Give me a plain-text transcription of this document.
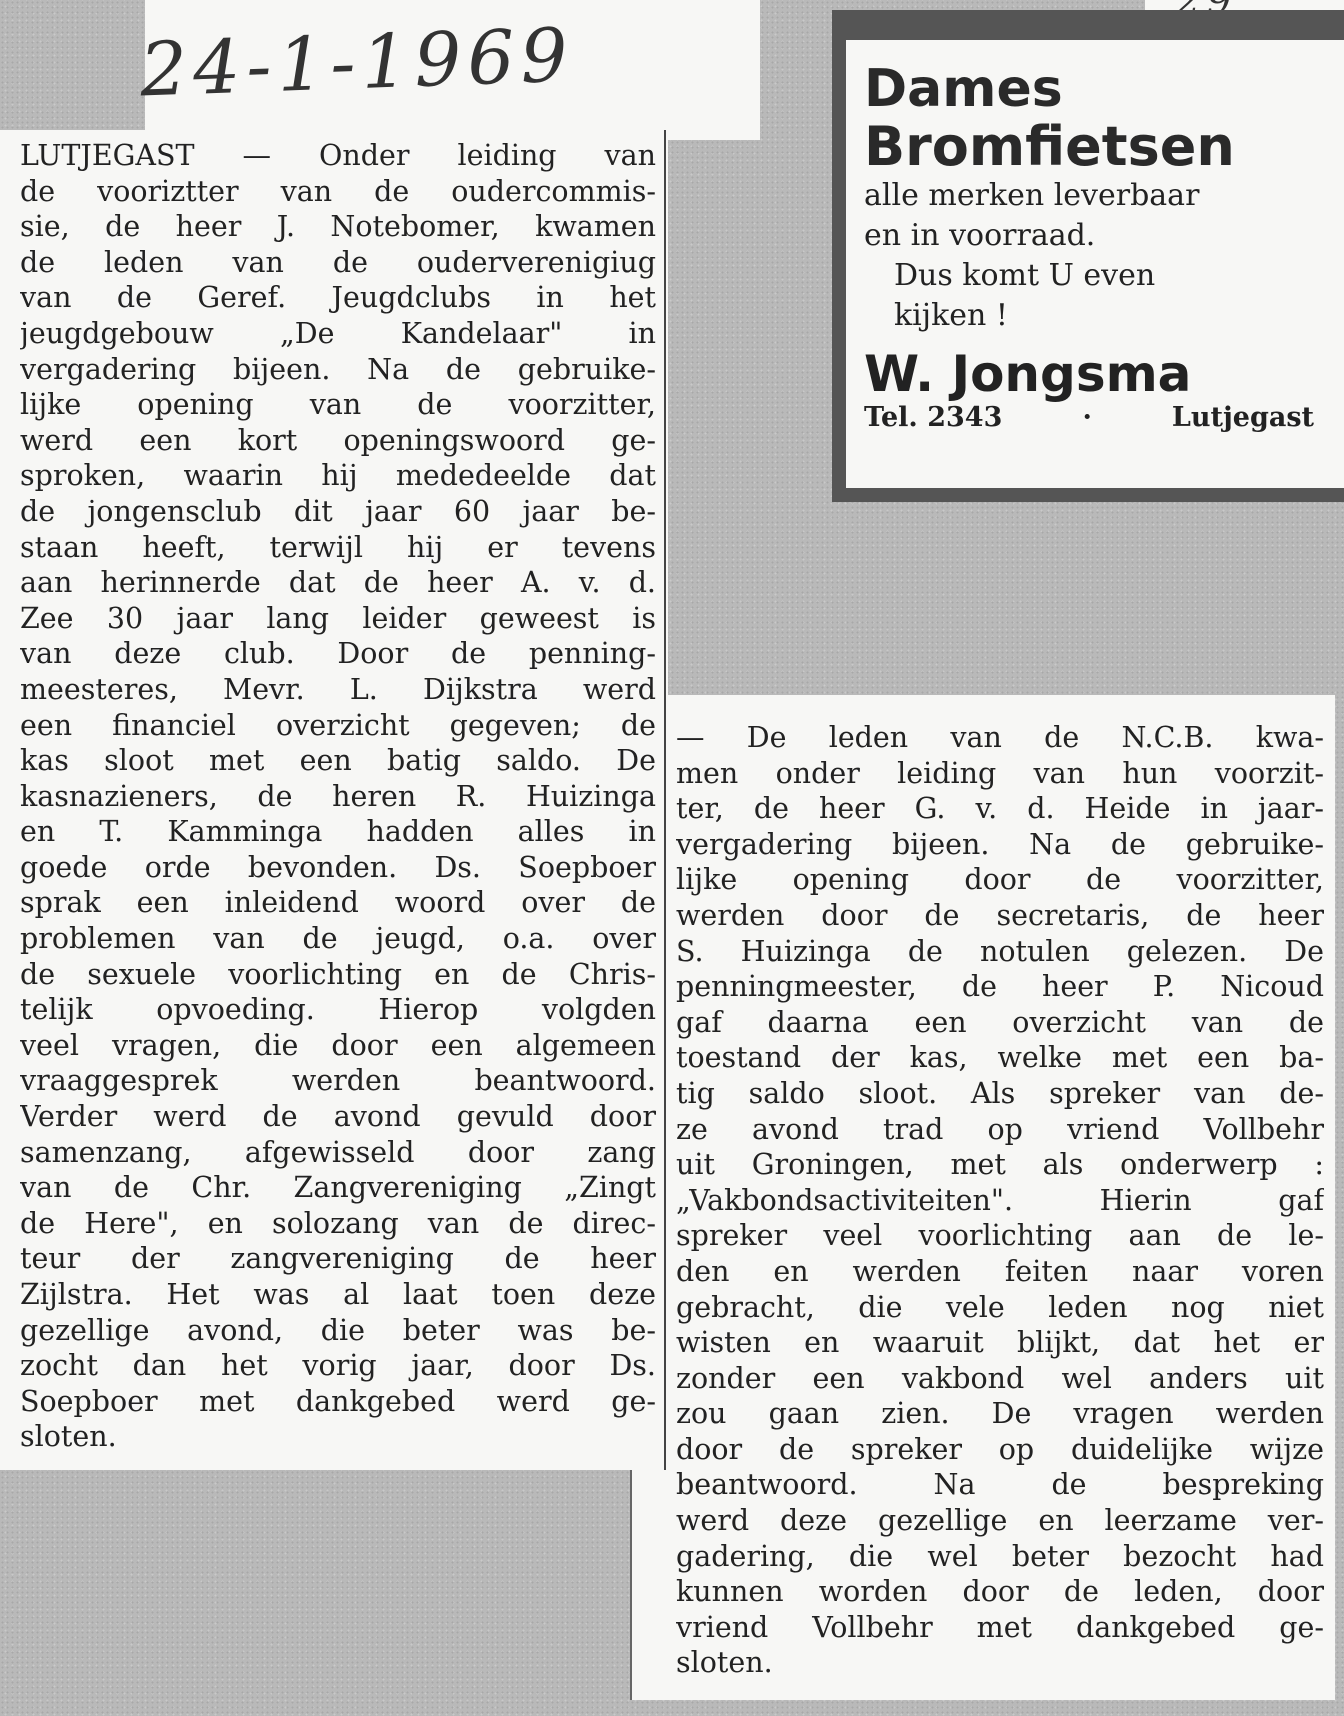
24-1-1969
LUTJEGAST — Onder leiding van
de vooriztter van de oudercommis-
sie, de heer J. Notebomer, kwamen
de leden van de ouderverenigiug
van de Geref. Jeugdclubs in het
jeugdgebouw „De Kandelaar" in
vergadering bijeen. Na de gebruike-
lijke opening van de voorzitter,
werd een kort openingswoord ge-
sproken, waarin hij mededeelde dat
de jongensclub dit jaar 60 jaar be-
staan heeft, terwijl hij er tevens
aan herinnerde dat de heer A. v. d.
Zee 30 jaar lang leider geweest is
van deze club. Door de penning-
meesteres, Mevr. L. Dijkstra werd
een financiel overzicht gegeven; de
kas sloot met een batig saldo. De
kasnazieners, de heren R. Huizinga
en T. Kamminga hadden alles in
goede orde bevonden. Ds. Soepboer
sprak een inleidend woord over de
problemen van de jeugd, o.a. over
de sexuele voorlichting en de Chris-
telijk opvoeding. Hierop volgden
veel vragen, die door een algemeen
vraaggesprek werden beantwoord.
Verder werd de avond gevuld door
samenzang, afgewisseld door zang
van de Chr. Zangvereniging „Zingt
de Here", en solozang van de direc-
teur der zangvereniging de heer
Zijlstra. Het was al laat toen deze
gezellige avond, die beter was be-
zocht dan het vorig jaar, door Ds.
Soepboer met dankgebed werd ge-
sloten.
Dames
Bromfietsen
alle merken leverbaar
en in voorraad.
Dus komt U even
kijken !
W. Jongsma
Tel. 2343	·	Lutjegast
— De leden van de N.C.B. kwa-
men onder leiding van hun voorzit-
ter, de heer G. v. d. Heide in jaar-
vergadering bijeen. Na de gebruike-
lijke opening door de voorzitter,
werden door de secretaris, de heer
S. Huizinga de notulen gelezen. De
penningmeester, de heer P. Nicoud
gaf daarna een overzicht van de
toestand der kas, welke met een ba-
tig saldo sloot. Als spreker van de-
ze avond trad op vriend Vollbehr
uit Groningen, met als onderwerp :
„Vakbondsactiviteiten". Hierin gaf
spreker veel voorlichting aan de le-
den en werden feiten naar voren
gebracht, die vele leden nog niet
wisten en waaruit blijkt, dat het er
zonder een vakbond wel anders uit
zou gaan zien. De vragen werden
door de spreker op duidelijke wijze
beantwoord. Na de bespreking
werd deze gezellige en leerzame ver-
gadering, die wel beter bezocht had
kunnen worden door de leden, door
vriend Vollbehr met dankgebed ge-
sloten.
